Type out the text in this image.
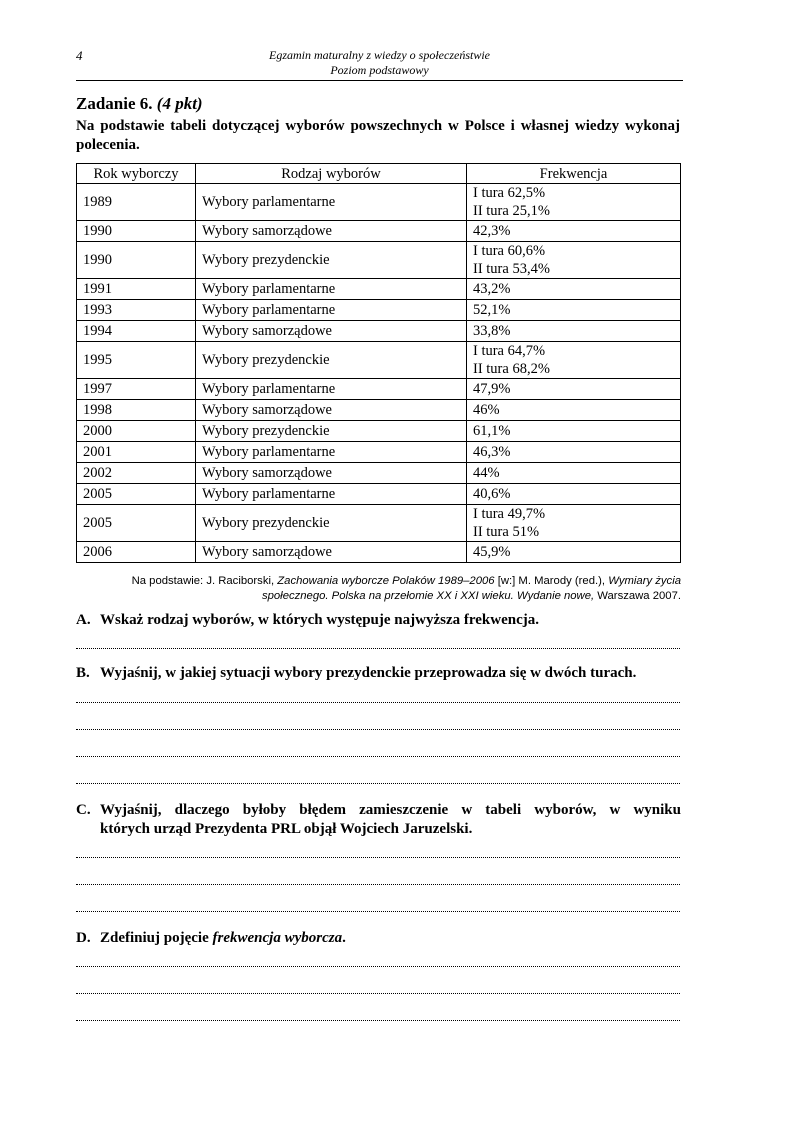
4	Egzamin maturalny z wiedzy o społeczeństwie
Poziom podstawowy
Zadanie 6. (4 pkt)
Na podstawie tabeli dotyczącej wyborów powszechnych w Polsce i własnej wiedzy wykonaj polecenia.
Rok wyborczy	Rodzaj wyborów	Frekwencja
1989	Wybory parlamentarne	I tura 62,5%
II tura 25,1%

1990	Wybory samorządowe	42,3%

1990	Wybory prezydenckie	I tura 60,6%
II tura 53,4%

1991	Wybory parlamentarne	43,2%

1993	Wybory parlamentarne	52,1%

1994	Wybory samorządowe	33,8%

1995	Wybory prezydenckie	I tura 64,7%
II tura 68,2%

1997	Wybory parlamentarne	47,9%

1998	Wybory samorządowe	46%

2000	Wybory prezydenckie	61,1%

2001	Wybory parlamentarne	46,3%

2002	Wybory samorządowe	44%

2005	Wybory parlamentarne	40,6%

2005	Wybory prezydenckie	I tura 49,7%
II tura 51%

2006	Wybory samorządowe	45,9%
Na podstawie: J. Raciborski, Zachowania wyborcze Polaków 1989–2006 [w:] M. Marody (red.), Wymiary życia
społecznego. Polska na przełomie XX i XXI wieku. Wydanie nowe, Warszawa 2007.
A. Wskaż rodzaj wyborów, w których występuje najwyższa frekwencja.
B. Wyjaśnij, w jakiej sytuacji wybory prezydenckie przeprowadza się w dwóch turach.
C. Wyjaśnij, dlaczego byłoby błędem zamieszczenie w tabeli wyborów, w wyniku
których urząd Prezydenta PRL objął Wojciech Jaruzelski.
D. Zdefiniuj pojęcie frekwencja wyborcza.
